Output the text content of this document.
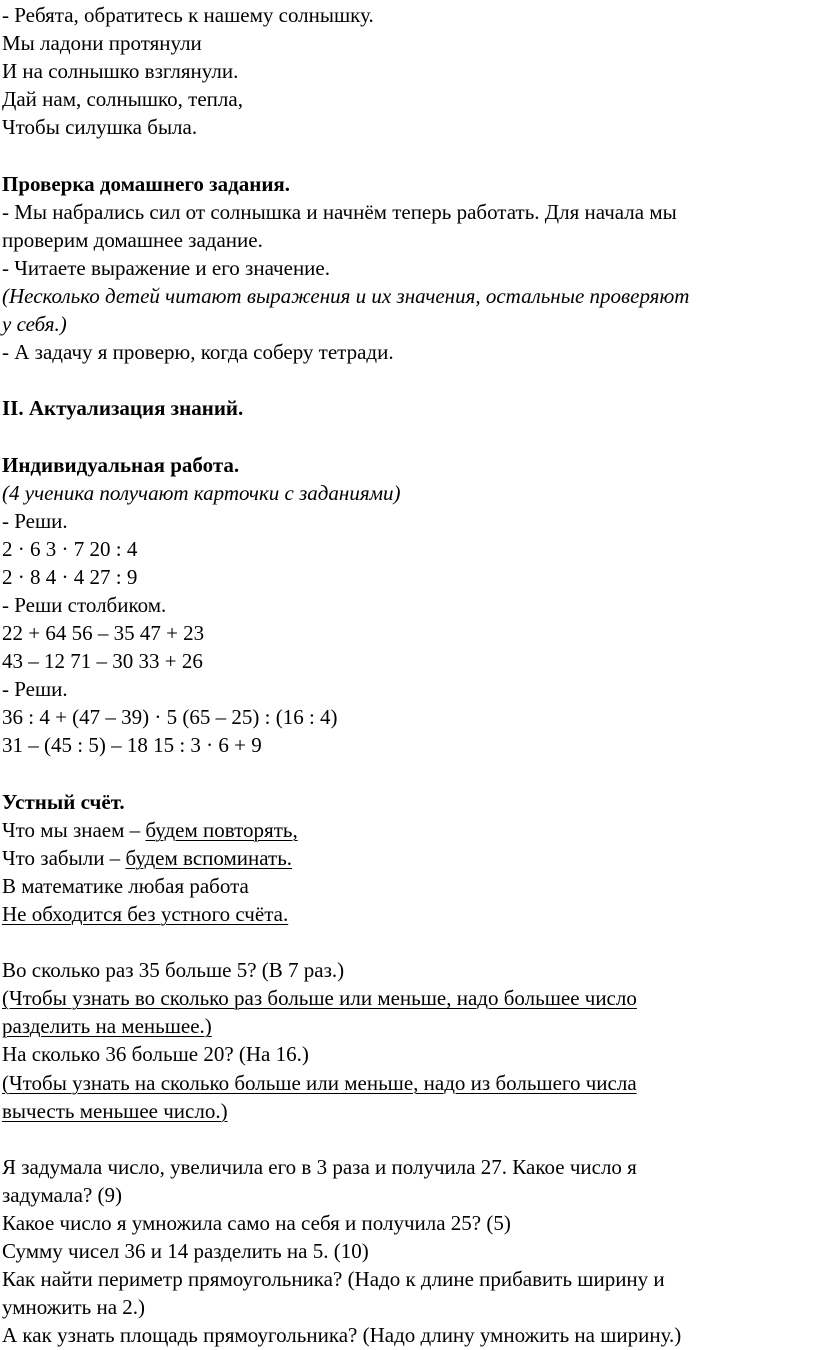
- Ребята, обратитесь к нашему солнышку.
Мы ладони протянули
И на солнышко взглянули.
Дай нам, солнышко, тепла,
Чтобы силушка была.
Проверка домашнего задания.
- Мы набрались сил от солнышка и начнём теперь работать. Для начала мы
проверим домашнее задание.
- Читаете выражение и его значение.
(Несколько детей читают выражения и их значения, остальные проверяют
у себя.)
- А задачу я проверю, когда соберу тетради.
II. Актуализация знаний.
Индивидуальная работа.
(4 ученика получают карточки с заданиями)
- Реши.
2 · 6 3 · 7 20 : 4
2 · 8 4 · 4 27 : 9
- Реши столбиком.
22 + 64 56 – 35 47 + 23
43 – 12 71 – 30 33 + 26
- Реши.
36 : 4 + (47 – 39) · 5 (65 – 25) : (16 : 4)
31 – (45 : 5) – 18 15 : 3 · 6 + 9
Устный счёт.
Что мы знаем – будем повторять,
Что забыли – будем вспоминать.
В математике любая работа
Не обходится без устного счёта.
Во сколько раз 35 больше 5? (В 7 раз.)
(Чтобы узнать во сколько раз больше или меньше, надо большее число
разделить на меньшее.)
На сколько 36 больше 20? (На 16.)
(Чтобы узнать на сколько больше или меньше, надо из большего числа
вычесть меньшее число.)
Я задумала число, увеличила его в 3 раза и получила 27. Какое число я
задумала? (9)
Какое число я умножила само на себя и получила 25? (5)
Сумму чисел 36 и 14 разделить на 5. (10)
Как найти периметр прямоугольника? (Надо к длине прибавить ширину и
умножить на 2.)
А как узнать площадь прямоугольника? (Надо длину умножить на ширину.)
